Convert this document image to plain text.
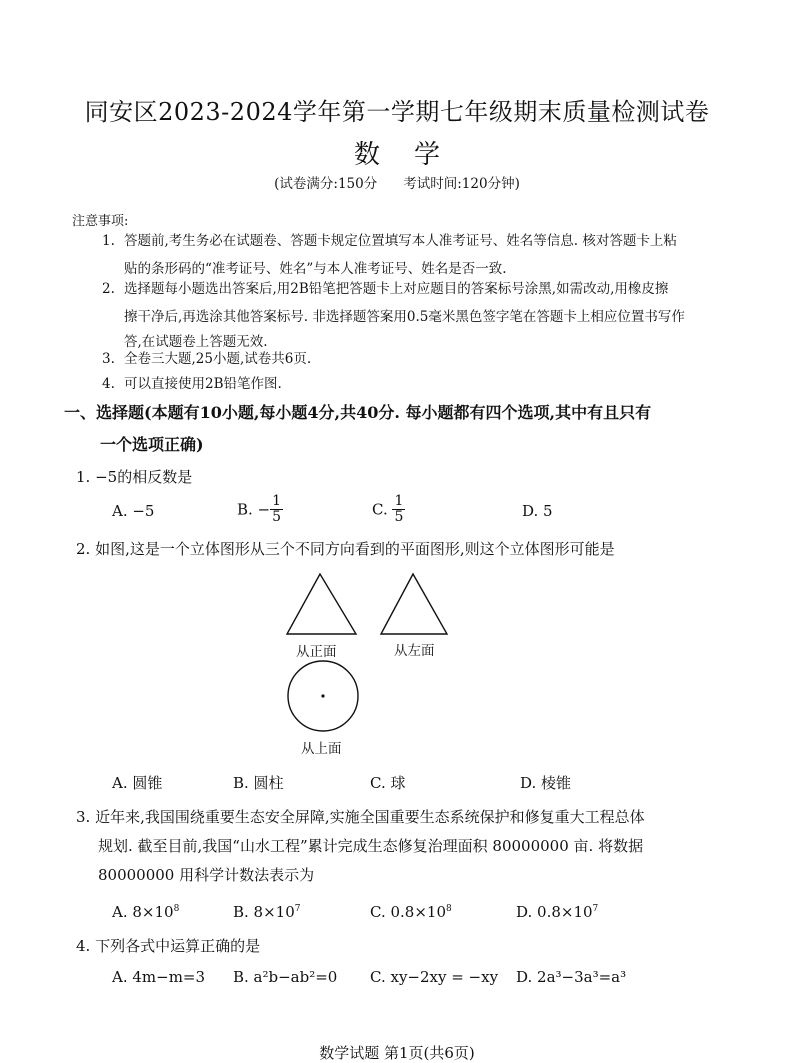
同安区2023-2024学年第一学期七年级期末质量检测试卷
数学
(试卷满分:150分 考试时间:120分钟)
注意事项:
1. 答题前,考生务必在试题卷、答题卡规定位置填写本人准考证号、姓名等信息. 核对答题卡上粘
贴的条形码的“准考证号、姓名”与本人准考证号、姓名是否一致.
2. 选择题每小题选出答案后,用2B铅笔把答题卡上对应题目的答案标号涂黑,如需改动,用橡皮擦
擦干净后,再选涂其他答案标号. 非选择题答案用0.5毫米黑色签字笔在答题卡上相应位置书写作
答,在试题卷上答题无效.
3. 全卷三大题,25小题,试卷共6页.
4. 可以直接使用2B铅笔作图.
一、选择题(本题有10小题,每小题4分,共40分. 每小题都有四个选项,其中有且只有
一个选项正确)
1. −5的相反数是
A. −5	B. − $\frac{1}{5}$	C. $\frac{1}{5}$	D. 5
2. 如图,这是一个立体图形从三个不同方向看到的平面图形,则这个立体图形可能是
从正面	从左面
从上面
A. 圆锥	B. 圆柱	C. 球	D. 棱锥
3. 近年来,我国围绕重要生态安全屏障,实施全国重要生态系统保护和修复重大工程总体
规划. 截至目前,我国“山水工程”累计完成生态修复治理面积 80000000 亩. 将数据
80000000 用科学计数法表示为
A. $8\times 10^8$	B. $8\times 10^7$	C. $0.8\times 10^8$	D. $0.8\times 10^7$
4. 下列各式中运算正确的是
A. 4m−m=3 B. a²b−ab²=0 C. xy−2xy = −xy D. 2a³−3a³=a³
数学试题 第1页(共6页)
